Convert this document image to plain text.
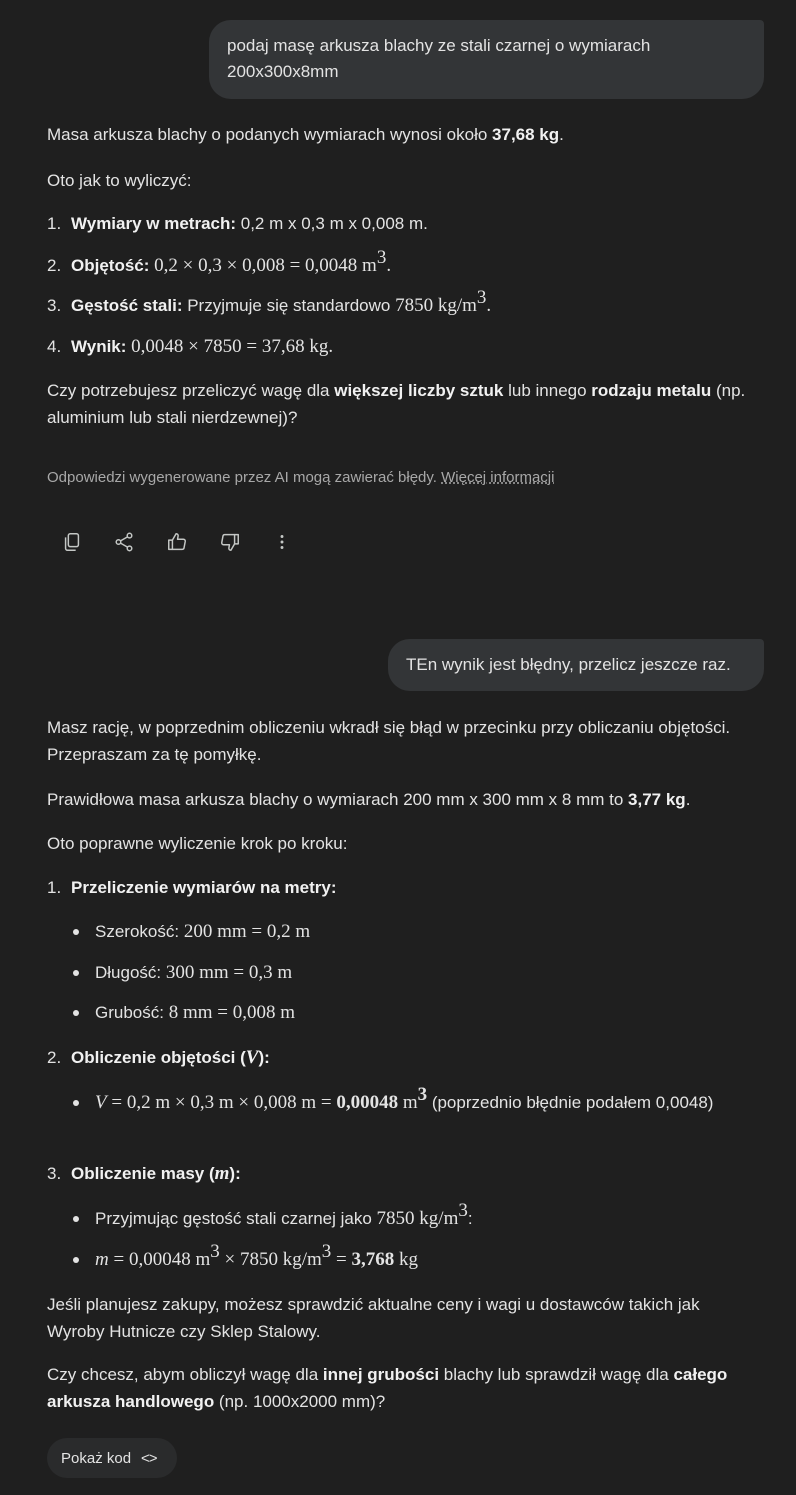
podaj masę arkusza blachy ze stali czarnej o wymiarach 200x300x8mm

Masa arkusza blachy o podanych wymiarach wynosi około 37,68 kg.

Oto jak to wyliczyć:

1. Wymiary w metrach: 0,2 m x 0,3 m x 0,008 m.
2. Objętość: 0,2 × 0,3 × 0,008 = 0,0048 $m^3$.
3. Gęstość stali: Przyjmuje się standardowo 7850 $kg/m^3$.
4. Wynik: 0,0048 × 7850 = 37,68 kg.

Czy potrzebujesz przeliczyć wagę dla większej liczby sztuk lub innego rodzaju metalu (np. aluminium lub stali nierdzewnej)?

Odpowiedzi wygenerowane przez AI mogą zawierać błędy. Więcej informacji
TEn wynik jest błędny, przelicz jeszcze raz.

Masz rację, w poprzednim obliczeniu wkradł się błąd w przecinku przy obliczaniu objętości. Przepraszam za tę pomyłkę.

Prawidłowa masa arkusza blachy o wymiarach 200 mm x 300 mm x 8 mm to 3,77 kg.

Oto poprawne wyliczenie krok po kroku:

1. Przeliczenie wymiarów na metry:
Szerokość: 200 mm = 0,2 m
Długość: 300 mm = 0,3 m
Grubość: 8 mm = 0,008 m
2. Obliczenie objętości (V):
V = 0,2 m × 0,3 m × 0,008 m = 0,00048 $m^3$ (poprzednio błędnie podałem 0,0048)
3. Obliczenie masy (m):
Przyjmując gęstość stali czarnej jako 7850 $kg/m^3$:
m = 0,00048 $m^3 \times 7850$ $kg/m^3 = 3,768$ kg

Jeśli planujesz zakupy, możesz sprawdzić aktualne ceny i wagi u dostawców takich jak Wyroby Hutnicze czy Sklep Stalowy.

Czy chcesz, abym obliczył wagę dla innej grubości blachy lub sprawdził wagę dla całego arkusza handlowego (np. 1000x2000 mm)?

Pokaż kod <>
